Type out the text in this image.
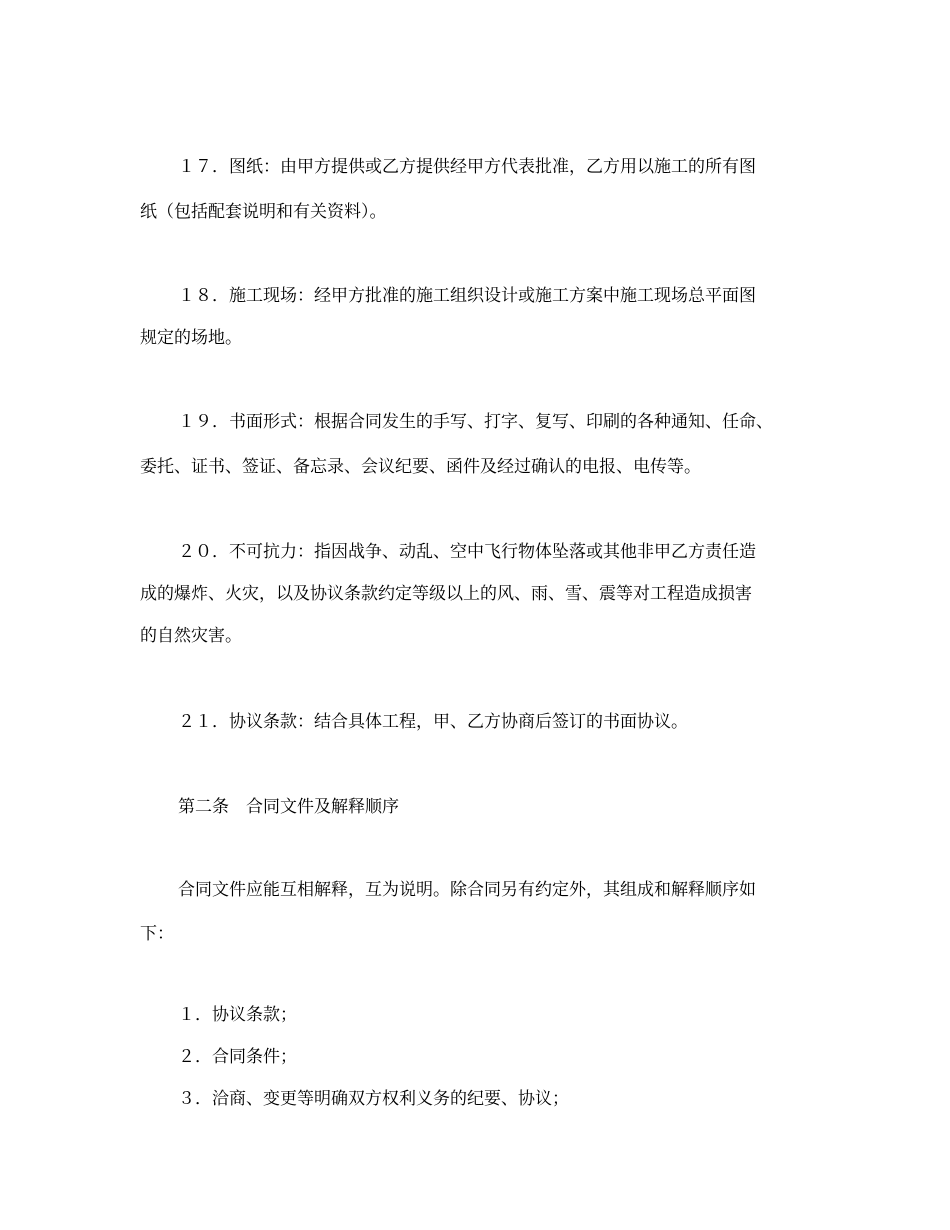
１７．图纸：由甲方提供或乙方提供经甲方代表批准，乙方用以施工的所有图
纸（包括配套说明和有关资料）。
１８．施工现场：经甲方批准的施工组织设计或施工方案中施工现场总平面图
规定的场地。
１９．书面形式：根据合同发生的手写、打字、复写、印刷的各种通知、任命、
委托、证书、签证、备忘录、会议纪要、函件及经过确认的电报、电传等。
２０．不可抗力：指因战争、动乱、空中飞行物体坠落或其他非甲乙方责任造
成的爆炸、火灾，以及协议条款约定等级以上的风、雨、雪、震等对工程造成损害
的自然灾害。
２１．协议条款：结合具体工程，甲、乙方协商后签订的书面协议。
第二条　合同文件及解释顺序
合同文件应能互相解释，互为说明。除合同另有约定外，其组成和解释顺序如
下：
１．协议条款；
２．合同条件；
３．洽商、变更等明确双方权利义务的纪要、协议；
